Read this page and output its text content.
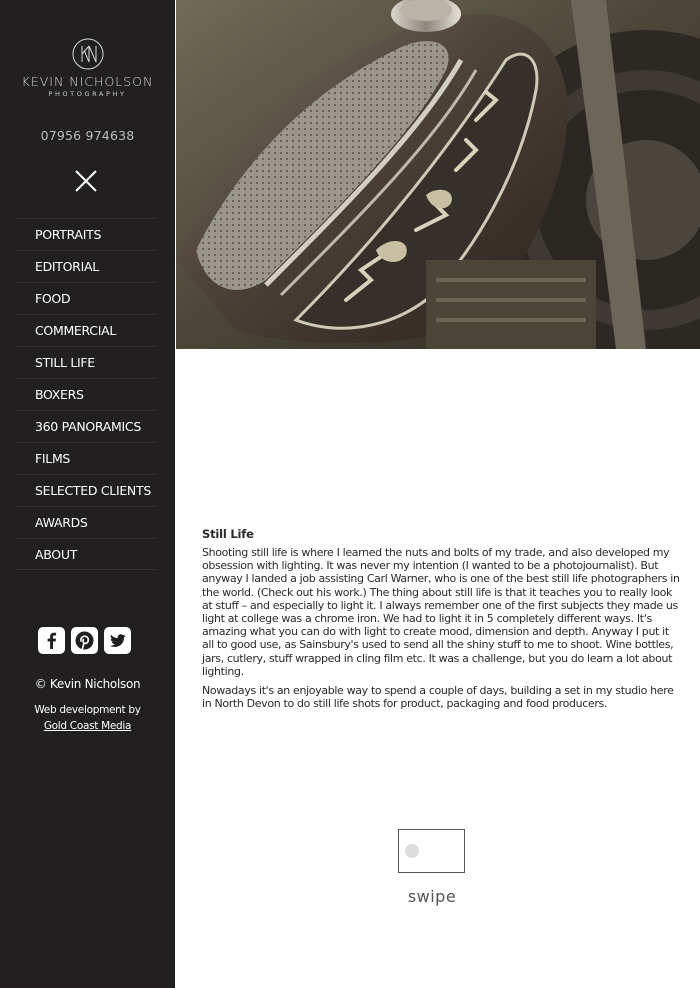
KEVIN NICHOLSON
PHOTOGRAPHY
07956 974638
PORTRAITS
EDITORIAL
FOOD
COMMERCIAL
STILL LIFE
BOXERS
360 PANORAMICS
FILMS
SELECTED CLIENTS
AWARDS
ABOUT
© Kevin Nicholson
Web development by
Gold Coast Media
Still Life

Shooting still life is where I learned the nuts and bolts of my trade, and also developed my obsession with lighting. It was never my intention (I wanted to be a photojournalist). But anyway I landed a job assisting Carl Warner, who is one of the best still life photographers in the world. (Check out his work.) The thing about still life is that it teaches you to really look at stuff – and especially to light it. I always remember one of the first subjects they made us light at college was a chrome iron. We had to light it in 5 completely different ways. It's amazing what you can do with light to create mood, dimension and depth. Anyway I put it all to good use, as Sainsbury's used to send all the shiny stuff to me to shoot. Wine bottles, jars, cutlery, stuff wrapped in cling film etc. It was a challenge, but you do learn a lot about lighting.

Nowadays it's an enjoyable way to spend a couple of days, building a set in my studio here in North Devon to do still life shots for product, packaging and food producers.

swipe
